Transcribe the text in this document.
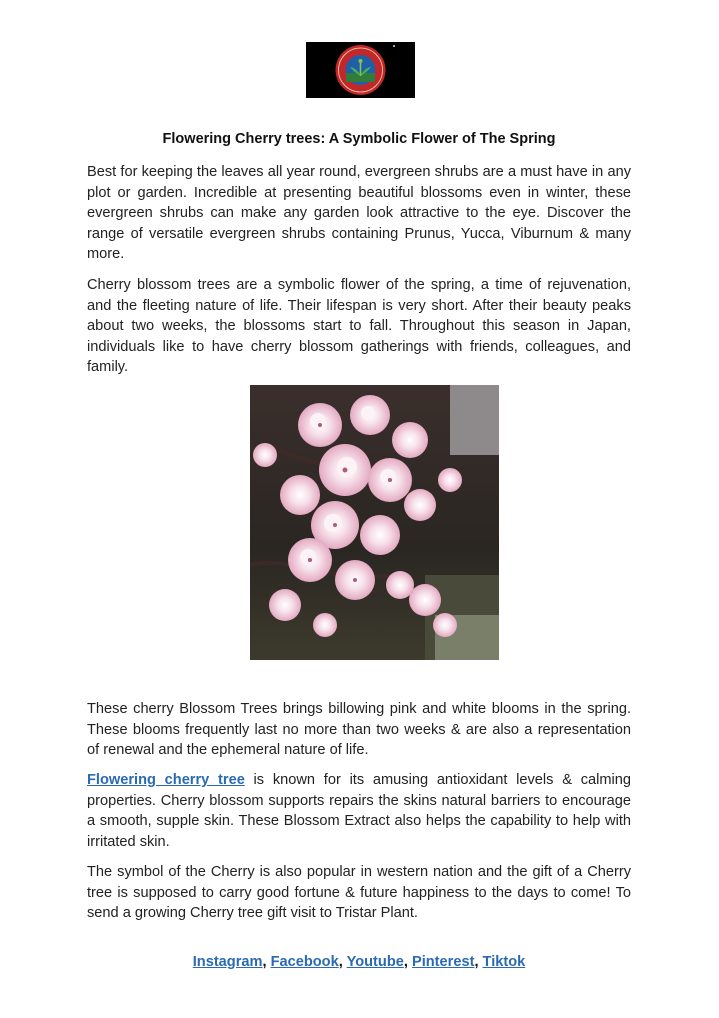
Flowering Cherry trees: A Symbolic Flower of The Spring

Best for keeping the leaves all year round, evergreen shrubs are a must have in any plot or garden. Incredible at presenting beautiful blossoms even in winter, these evergreen shrubs can make any garden look attractive to the eye. Discover the range of versatile evergreen shrubs containing Prunus, Yucca, Viburnum & many more.

Cherry blossom trees are a symbolic flower of the spring, a time of rejuvenation, and the fleeting nature of life. Their lifespan is very short. After their beauty peaks about two weeks, the blossoms start to fall. Throughout this season in Japan, individuals like to have cherry blossom gatherings with friends, colleagues, and family.

These cherry Blossom Trees brings billowing pink and white blooms in the spring. These blooms frequently last no more than two weeks & are also a representation of renewal and the ephemeral nature of life.

Flowering cherry tree is known for its amusing antioxidant levels & calming properties. Cherry blossom supports repairs the skins natural barriers to encourage a smooth, supple skin. These Blossom Extract also helps the capability to help with irritated skin.

The symbol of the Cherry is also popular in western nation and the gift of a Cherry tree is supposed to carry good fortune & future happiness to the days to come! To send a growing Cherry tree gift visit to Tristar Plant.

Instagram, Facebook, Youtube, Pinterest, Tiktok
